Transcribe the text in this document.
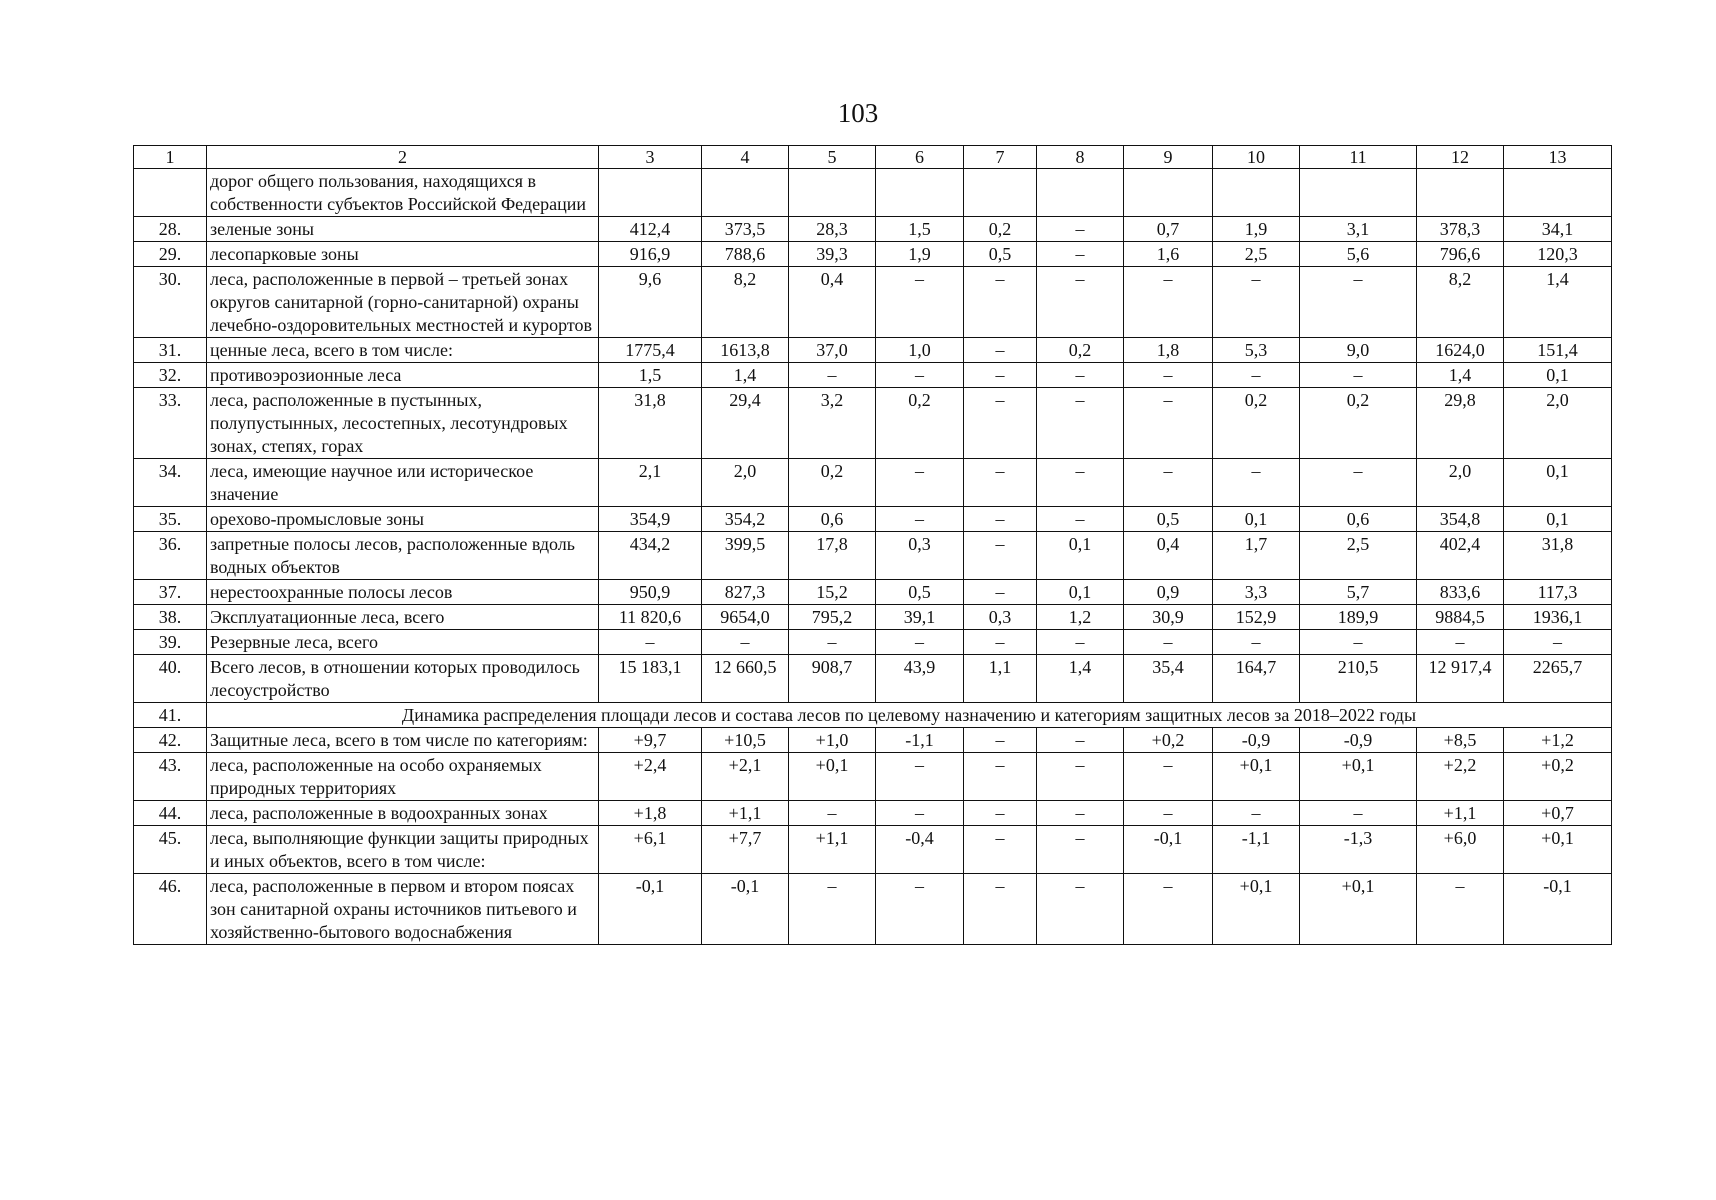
103
1	2	3	4	5	6	7	8	9	10	11	12	13
	дорог общего пользования, находящихся в собственности субъектов Российской Федерации											
28.	зеленые зоны	412,4	373,5	28,3	1,5	0,2	–	0,7	1,9	3,1	378,3	34,1
29.	лесопарковые зоны	916,9	788,6	39,3	1,9	0,5	–	1,6	2,5	5,6	796,6	120,3
30.	леса, расположенные в первой – третьей зонах округов санитарной (горно-санитарной) охраны лечебно-оздоровительных местностей и курортов	9,6	8,2	0,4	–	–	–	–	–	–	8,2	1,4
31.	ценные леса, всего в том числе:	1775,4	1613,8	37,0	1,0	–	0,2	1,8	5,3	9,0	1624,0	151,4
32.	противоэрозионные леса	1,5	1,4	–	–	–	–	–	–	–	1,4	0,1
33.	леса, расположенные в пустынных, полупустынных, лесостепных, лесотундровых зонах, степях, горах	31,8	29,4	3,2	0,2	–	–	–	0,2	0,2	29,8	2,0
34.	леса, имеющие научное или историческое значение	2,1	2,0	0,2	–	–	–	–	–	–	2,0	0,1
35.	орехово-промысловые зоны	354,9	354,2	0,6	–	–	–	0,5	0,1	0,6	354,8	0,1
36.	запретные полосы лесов, расположенные вдоль водных объектов	434,2	399,5	17,8	0,3	–	0,1	0,4	1,7	2,5	402,4	31,8
37.	нерестоохранные полосы лесов	950,9	827,3	15,2	0,5	–	0,1	0,9	3,3	5,7	833,6	117,3
38.	Эксплуатационные леса, всего	11 820,6	9654,0	795,2	39,1	0,3	1,2	30,9	152,9	189,9	9884,5	1936,1
39.	Резервные леса, всего	–	–	–	–	–	–	–	–	–	–	–
40.	Всего лесов, в отношении которых проводилось лесоустройство	15 183,1	12 660,5	908,7	43,9	1,1	1,4	35,4	164,7	210,5	12 917,4	2265,7
41.	Динамика распределения площади лесов и состава лесов по целевому назначению и категориям защитных лесов за 2018–2022 годы											
42.	Защитные леса, всего в том числе по категориям:	+9,7	+10,5	+1,0	-1,1	–	–	+0,2	-0,9	-0,9	+8,5	+1,2
43.	леса, расположенные на особо охраняемых природных территориях	+2,4	+2,1	+0,1	–	–	–	–	+0,1	+0,1	+2,2	+0,2
44.	леса, расположенные в водоохранных зонах	+1,8	+1,1	–	–	–	–	–	–	–	+1,1	+0,7
45.	леса, выполняющие функции защиты природных и иных объектов, всего в том числе:	+6,1	+7,7	+1,1	-0,4	–	–	-0,1	-1,1	-1,3	+6,0	+0,1
46.	леса, расположенные в первом и втором поясах зон санитарной охраны источников питьевого и хозяйственно-бытового водоснабжения	-0,1	-0,1	–	–	–	–	–	+0,1	+0,1	–	-0,1
